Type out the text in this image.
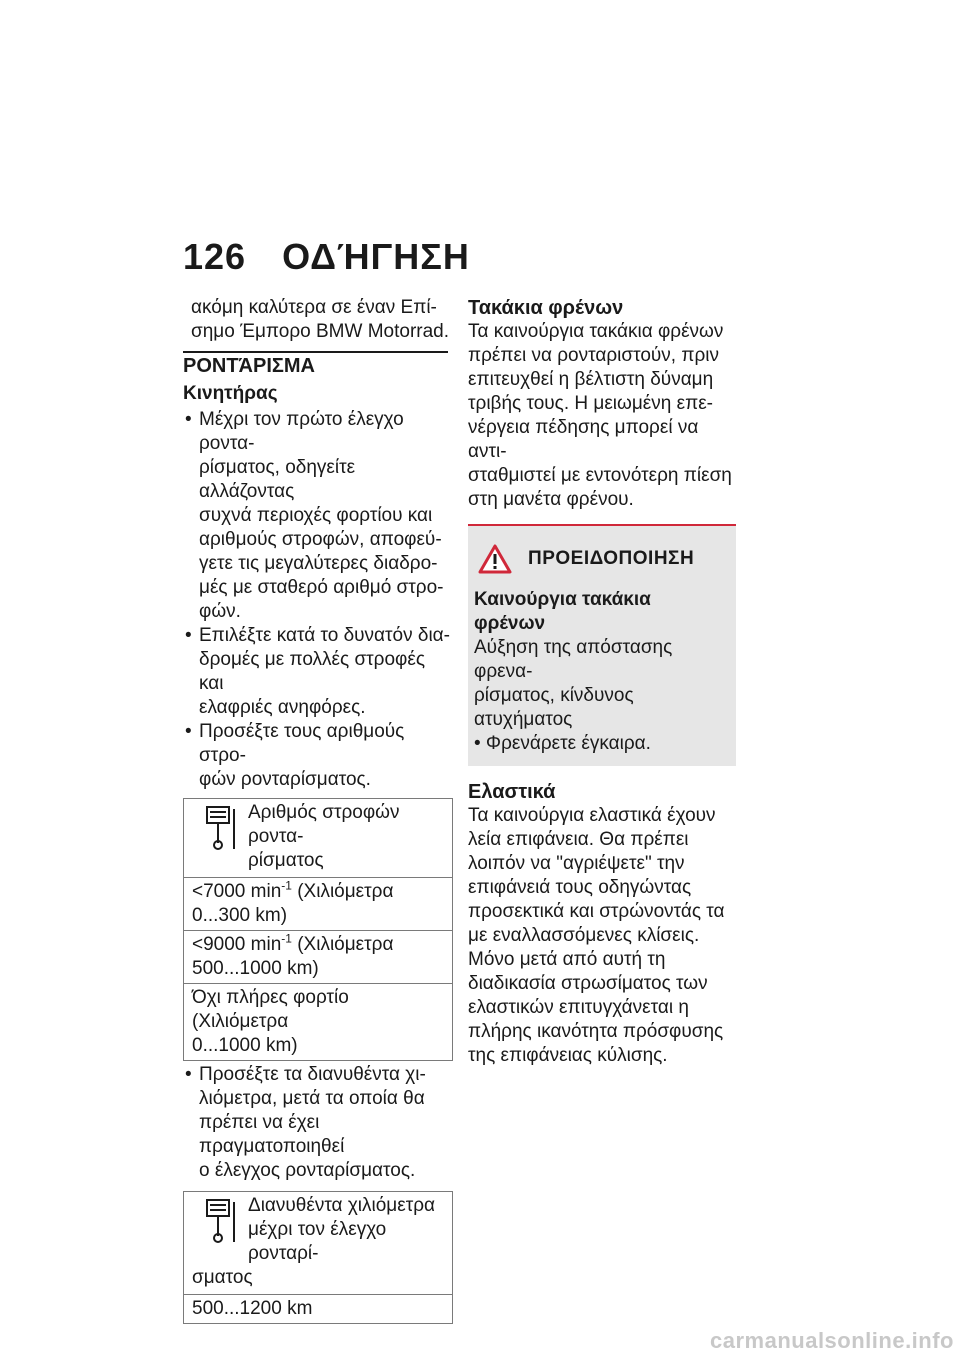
126 ΟΔΉΓΗΣΗ
ακόμη καλύτερα σε έναν Επί-
σημο Έμπορο BMW Motorrad.
ΡΟΝΤΆΡΙΣΜΑ
Κινητήρας
• Μέχρι τον πρώτο έλεγχο ροντα-
ρίσματος, οδηγείτε αλλάζοντας
συχνά περιοχές φορτίου και
αριθμούς στροφών, αποφεύ-
γετε τις μεγαλύτερες διαδρο-
μές με σταθερό αριθμό στρο-
φών.
• Επιλέξτε κατά το δυνατόν δια-
δρομές με πολλές στροφές και
ελαφριές ανηφόρες.
• Προσέξτε τους αριθμούς στρο-
φών ρονταρίσματος.
Αριθμός στροφών ροντα-
ρίσματος
<7000 $\min^{-1} (X\iota\lambda\iota ό\mu\varepsilon\tau\rho\alpha$
0...300 km)
<9000 $\min^{-1} (X\iota\lambda\iota ό\mu\varepsilon\tau\rho\alpha$
500...1000 km)
Όχι πλήρες φορτίο (Χιλιόμετρα
0...1000 km)
• Προσέξτε τα διανυθέντα χι-
λιόμετρα, μετά τα οποία θα
πρέπει να έχει πραγματοποιηθεί
ο έλεγχος ρονταρίσματος.
Διανυθέντα χιλιόμετρα
μέχρι τον έλεγχο ρονταρί-
σματος
500...1200 km
Τακάκια φρένων
Τα καινούργια τακάκια φρένων
πρέπει να ρονταριστούν, πριν
επιτευχθεί η βέλτιστη δύναμη
τριβής τους. Η μειωμένη επε-
νέργεια πέδησης μπορεί να αντι-
σταθμιστεί με εντονότερη πίεση
στη μανέτα φρένου.
ΠΡΟΕΙΔΟΠΟΙΗΣΗ
Καινούργια τακάκια
φρένων
Αύξηση της απόστασης φρενα-
ρίσματος, κίνδυνος ατυχήματος
• Φρενάρετε έγκαιρα.
Ελαστικά
Τα καινούργια ελαστικά έχουν
λεία επιφάνεια. Θα πρέπει
λοιπόν να "αγριέψετε" την
επιφάνειά τους οδηγώντας
προσεκτικά και στρώνοντάς τα
με εναλλασσόμενες κλίσεις.
Μόνο μετά από αυτή τη
διαδικασία στρωσίματος των
ελαστικών επιτυγχάνεται η
πλήρης ικανότητα πρόσφυσης
της επιφάνειας κύλισης.
carmanualsonline.info
